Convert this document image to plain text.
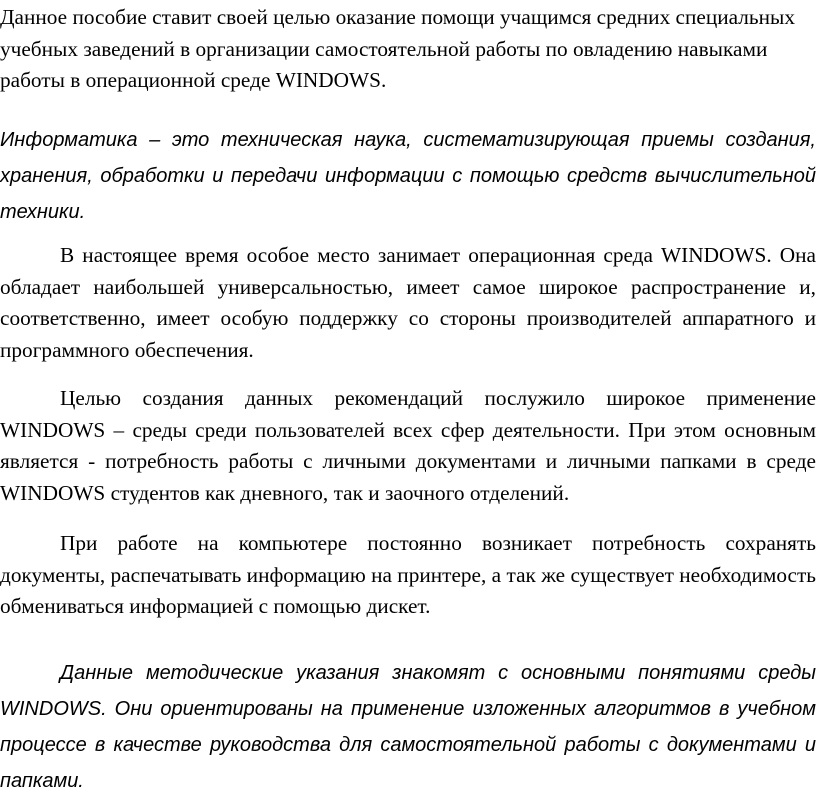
Данное пособие ставит своей целью оказание помощи учащимся средних специальных учебных заведений в организации самостоятельной работы по овладению навыками работы в операционной среде WINDOWS.

Информатика – это техническая наука, систематизирующая приемы создания, хранения, обработки и передачи информации с помощью средств вычислительной техники.

В настоящее время особое место занимает операционная среда WINDOWS. Она обладает наибольшей универсальностью, имеет самое широкое распространение и, соответственно, имеет особую поддержку со стороны производителей аппаратного и программного обеспечения.

Целью создания данных рекомендаций послужило широкое применение WINDOWS – среды среди пользователей всех сфер деятельности. При этом основным является - потребность работы с личными документами и личными папками в среде WINDOWS студентов как дневного, так и заочного отделений.

При работе на компьютере постоянно возникает потребность сохранять документы, распечатывать информацию на принтере, а так же существует необходимость обмениваться информацией с помощью дискет.

Данные методические указания знакомят с основными понятиями среды WINDOWS. Они ориентированы на применение изложенных алгоритмов в учебном процессе в качестве руководства для самостоятельной работы с документами и папками.
